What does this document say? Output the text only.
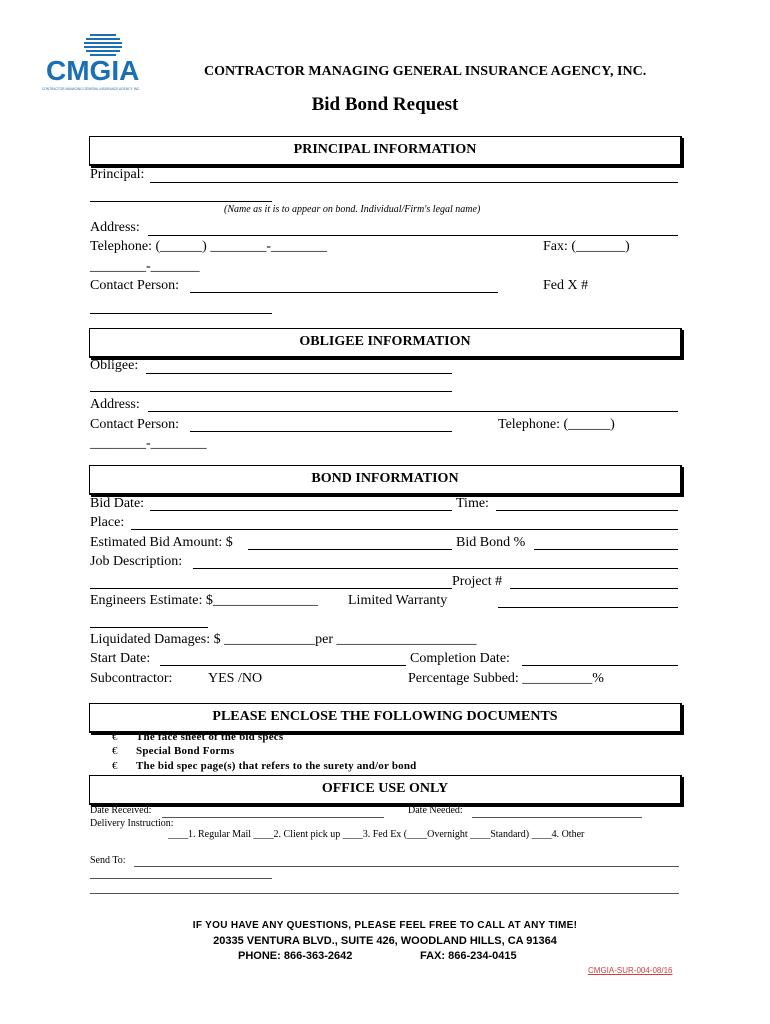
CMGIA
CONTRACTOR MANAGING GENERAL INSURANCE AGENCY, INC.
CONTRACTOR MANAGING GENERAL INSURANCE AGENCY, INC.
Bid Bond Request
PRINCIPAL INFORMATION
Principal:
(Name as it is to appear on bond. Individual/Firm's legal name)
Address:
Telephone: (______) ________-________	Fax: (_______)
________-_______
Contact Person:	Fed X #
OBLIGEE INFORMATION
Obligee:
Address:
Contact Person:	Telephone: (______)
________-________
BOND INFORMATION
Bid Date:	Time:
Place:
Estimated Bid Amount: $	Bid Bond %
Job Description:
Project #
Engineers Estimate: $_______________ Limited Warranty
Liquidated Damages: $ _____________per ____________________
Start Date:	Completion Date:
Subcontractor:	YES /NO	Percentage Subbed: __________%
PLEASE ENCLOSE THE FOLLOWING DOCUMENTS
€ The face sheet of the bid specs
€ Special Bond Forms
€ The bid spec page(s) that refers to the surety and/or bond
OFFICE USE ONLY
Date Received:	Date Needed:
Delivery Instruction:
____1. Regular Mail ____2. Client pick up ____3. Fed Ex (____Overnight ____Standard) ____4. Other
Send To:
IF YOU HAVE ANY QUESTIONS, PLEASE FEEL FREE TO CALL AT ANY TIME!
20335 VENTURA BLVD., SUITE 426, WOODLAND HILLS, CA 91364
PHONE: 866-363-2642	FAX: 866-234-0415
CMGIA-SUR-004-08/16
